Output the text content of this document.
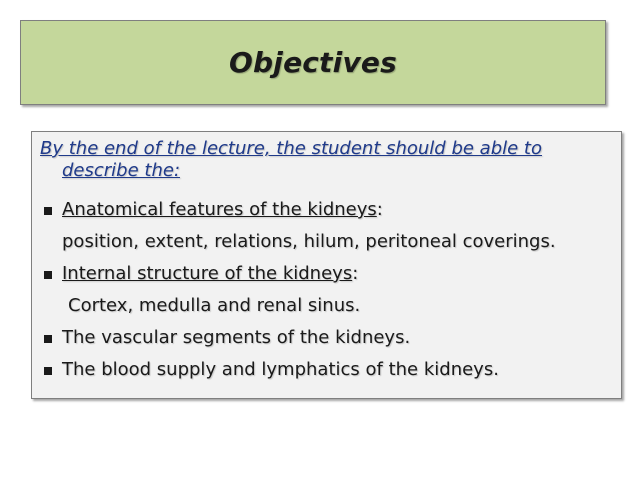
Objectives
By the end of the lecture, the student should be able to
describe the:
Anatomical features of the kidneys:
position, extent, relations, hilum, peritoneal coverings.
Internal structure of the kidneys:
Cortex, medulla and renal sinus.
The vascular segments of the kidneys.
The blood supply and lymphatics of the kidneys.
